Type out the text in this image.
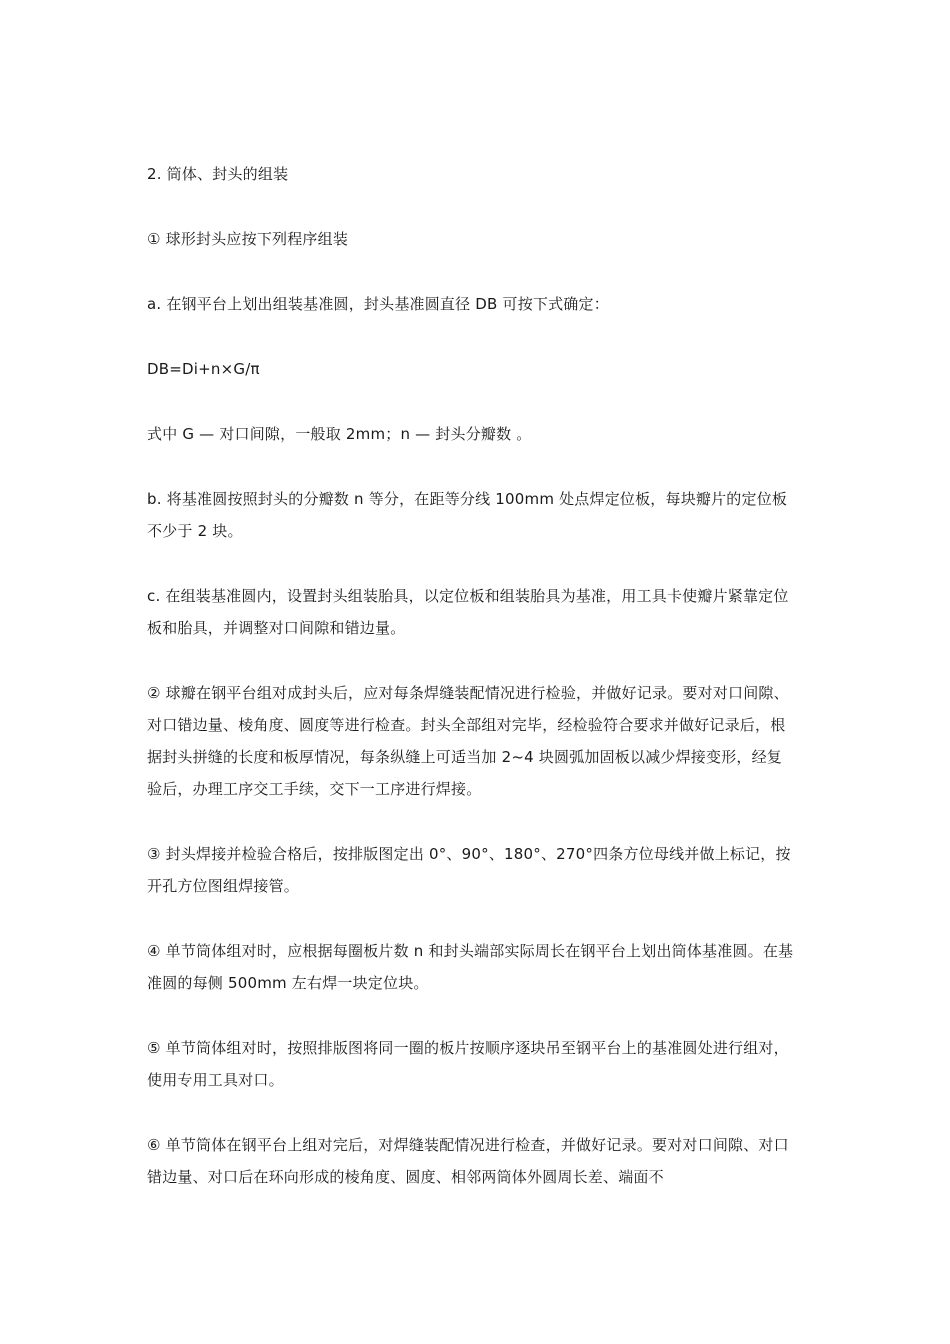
2. 筒体、封头的组装

① 球形封头应按下列程序组装

a. 在钢平台上划出组装基准圆，封头基准圆直径 DB 可按下式确定：

DB=Di+n×G/π

式中 G — 对口间隙，一般取 2mm；n — 封头分瓣数 。

b. 将基准圆按照封头的分瓣数 n 等分，在距等分线 100mm 处点焊定位板，每块瓣片的定位板不少于 2 块。

c. 在组装基准圆内，设置封头组装胎具，以定位板和组装胎具为基准，用工具卡使瓣片紧靠定位板和胎具，并调整对口间隙和错边量。

② 球瓣在钢平台组对成封头后，应对每条焊缝装配情况进行检验，并做好记录。要对对口间隙、对口错边量、棱角度、圆度等进行检查。封头全部组对完毕，经检验符合要求并做好记录后，根据封头拼缝的长度和板厚情况，每条纵缝上可适当加 2~4 块圆弧加固板以减少焊接变形，经复验后，办理工序交工手续，交下一工序进行焊接。

③ 封头焊接并检验合格后，按排版图定出 0°、90°、180°、270°四条方位母线并做上标记，按开孔方位图组焊接管。

④ 单节筒体组对时，应根据每圈板片数 n 和封头端部实际周长在钢平台上划出筒体基准圆。在基准圆的每侧 500mm 左右焊一块定位块。

⑤ 单节筒体组对时，按照排版图将同一圈的板片按顺序逐块吊至钢平台上的基准圆处进行组对，使用专用工具对口。

⑥ 单节筒体在钢平台上组对完后，对焊缝装配情况进行检查，并做好记录。要对对口间隙、对口错边量、对口后在环向形成的棱角度、圆度、相邻两筒体外圆周长差、端面不
